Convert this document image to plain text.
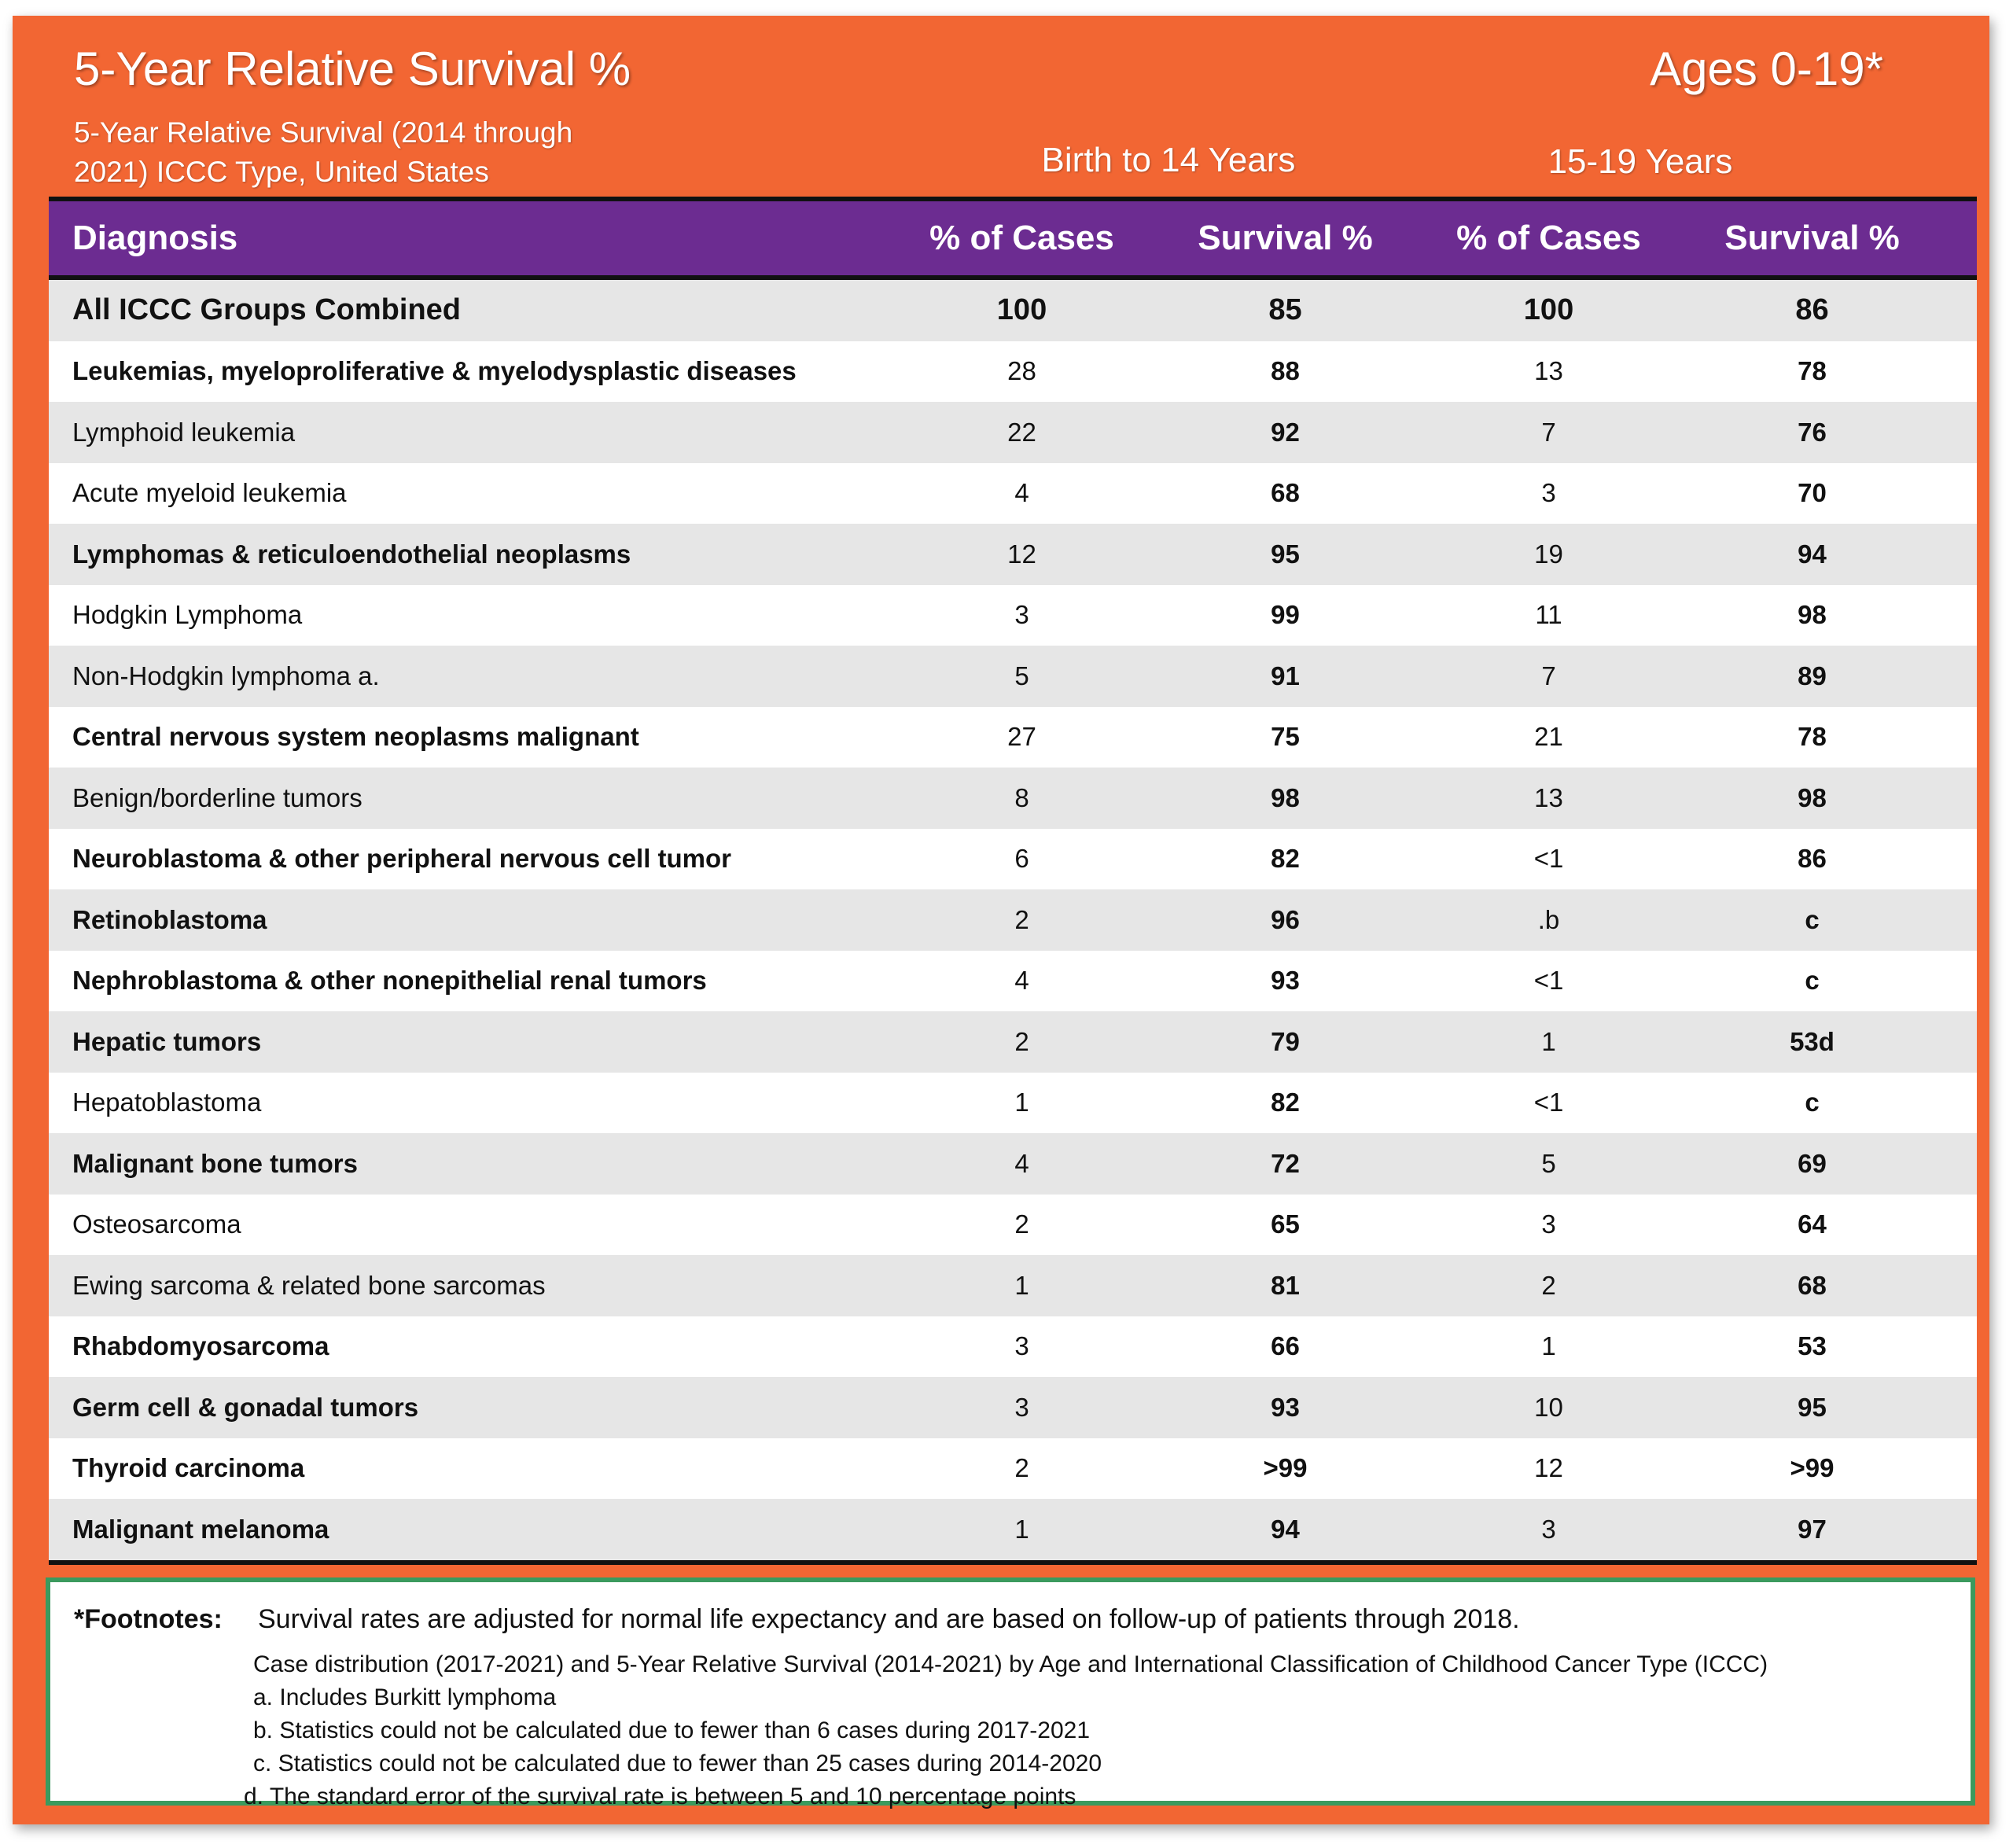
5-Year Relative Survival %	Ages 0-19*
5-Year Relative Survival (2014 through
2021) ICCC Type, United States	Birth to 14 Years	15-19 Years
Diagnosis	% of Cases	Survival %	% of Cases	Survival %
All ICCC Groups Combined	100	85	100	86
Leukemias, myeloproliferative & myelodysplastic diseases	28	88	13	78
Lymphoid leukemia	22	92	7	76
Acute myeloid leukemia	4	68	3	70
Lymphomas & reticuloendothelial neoplasms	12	95	19	94
Hodgkin Lymphoma	3	99	11	98
Non-Hodgkin lymphoma a.	5	91	7	89
Central nervous system neoplasms malignant	27	75	21	78
Benign/borderline tumors	8	98	13	98
Neuroblastoma & other peripheral nervous cell tumor	6	82	<1	86
Retinoblastoma	2	96	.b	c
Nephroblastoma & other nonepithelial renal tumors	4	93	<1	c
Hepatic tumors	2	79	1	53d
Hepatoblastoma	1	82	<1	c
Malignant bone tumors	4	72	5	69
Osteosarcoma	2	65	3	64
Ewing sarcoma & related bone sarcomas	1	81	2	68
Rhabdomyosarcoma	3	66	1	53
Germ cell & gonadal tumors	3	93	10	95
Thyroid carcinoma	2	>99	12	>99
Malignant melanoma	1	94	3	97
*Footnotes: Survival rates are adjusted for normal life expectancy and are based on follow-up of patients through 2018.
Case distribution (2017-2021) and 5-Year Relative Survival (2014-2021) by Age and International Classification of Childhood Cancer Type (ICCC)
a. Includes Burkitt lymphoma
b. Statistics could not be calculated due to fewer than 6 cases during 2017-2021
c. Statistics could not be calculated due to fewer than 25 cases during 2014-2020
d. The standard error of the survival rate is between 5 and 10 percentage points
